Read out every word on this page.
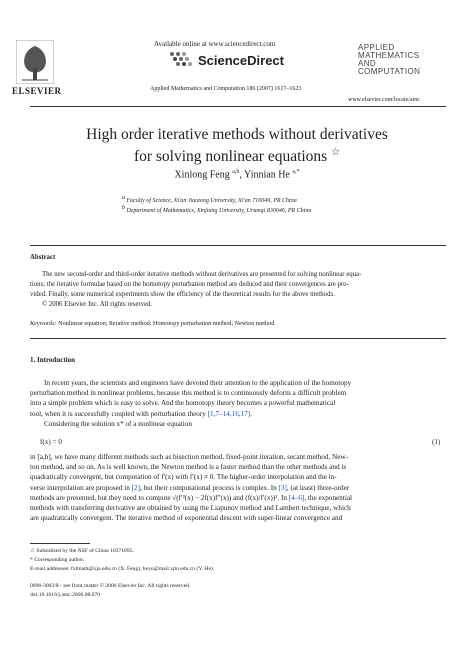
ELSEVIER
Available online at www.sciencedirect.com
ScienceDirect
Applied Mathematics and Computation 186 (2007) 1617–1623
APPLIED
MATHEMATICS
AND
COMPUTATION
www.elsevier.com/locate/amc
High order iterative methods without derivatives
for solving nonlinear equations ☆
Xinlong Feng $^{a,b}$, Yinnian He $^{a,*}$
a Faculty of Science, Xi'an Jiaotong University, Xi'an 710049, PR China
b Department of Mathematics, Xinjiang University, Urumqi 830046, PR China
Abstract
The new second-order and third-order iterative methods without derivatives are presented for solving nonlinear equa-
tions; the iterative formulae based on the homotopy perturbation method are deduced and their convergences are pro-
vided. Finally, some numerical experiments show the efficiency of the theoretical results for the above methods.
© 2006 Elsevier Inc. All rights reserved.
Keywords: Nonlinear equation; Iterative method; Homotopy perturbation method; Newton method
1. Introduction
In recent years, the scientists and engineers have devoted their attention to the application of the homotopy
perturbation method in nonlinear problems, because this method is to continuously deform a difficult problem
into a simple problem which is easy to solve. And the homotopy theory becomes a powerful mathematical
tool, when it is successfully coupled with perturbation theory [1,7–14,16,17].
Considering the solution x* of a nonlinear equation
f(x) = 0	(1)
in [a,b], we have many different methods such as bisection method, fixed-point iteration, secant method, New-
ton method, and so on. As is well known, the Newton method is a faster method than the other methods and is
quadratically convergent, but computation of f′(x) with f′(x) ≠ 0. The higher-order interpolation and the in-
verse interpolation are proposed in [2], but their computational process is complex. In [3], (at least) three-order
methods are presented, but they need to compute √(f′²(x) − 2f(x)f″(x)) and (f(x)/f′(x))². In [4–6], the exponential
methods with transferring derivative are obtained by using the Liapunov method and Lambert technique, which
are quadratically convergent. The iterative method of exponential descent with super-linear convergence and
☆ Subsidized by the NSF of China 10371095.
* Corresponding author.
E-mail addresses: fxlmath@xju.edu.cn (X. Feng), heyn@mail.xjtu.edu.cn (Y. He).
0096-3003/$ - see front matter © 2006 Elsevier Inc. All rights reserved.
doi:10.1016/j.amc.2006.08.070
